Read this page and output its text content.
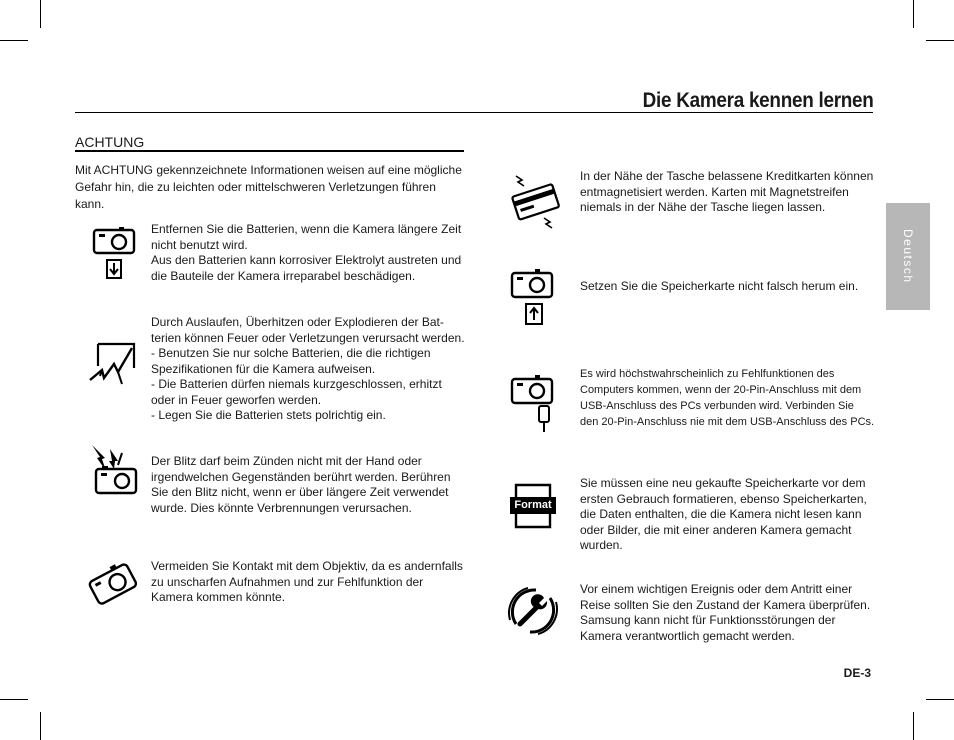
Die Kamera kennen lernen
Deutsch
ACHTUNG

Mit ACHTUNG gekennzeichnete Informationen weisen auf eine mögliche Gefahr hin, die zu leichten oder mittelschweren Verletzungen führen kann.

Entfernen Sie die Batterien, wenn die Kamera längere Zeit nicht benutzt wird.
Aus den Batterien kann korrosiver Elektrolyt austreten und die Bauteile der Kamera irreparabel beschädigen.

Durch Auslaufen, Überhitzen oder Explodieren der Bat-
terien können Feuer oder Verletzungen verursacht werden.
- Benutzen Sie nur solche Batterien, die die richtigen Spezifikationen für die Kamera aufweisen.
- Die Batterien dürfen niemals kurzgeschlossen, erhitzt oder in Feuer geworfen werden.
- Legen Sie die Batterien stets polrichtig ein.

Der Blitz darf beim Zünden nicht mit der Hand oder irgendwelchen Gegenständen berührt werden. Berühren Sie den Blitz nicht, wenn er über längere Zeit verwendet wurde. Dies könnte Verbrennungen verursachen.

Vermeiden Sie Kontakt mit dem Objektiv, da es andernfalls zu unscharfen Aufnahmen und zur Fehlfunktion der Kamera kommen könnte.

In der Nähe der Tasche belassene Kreditkarten können entmagnetisiert werden. Karten mit Magnetstreifen niemals in der Nähe der Tasche liegen lassen.

Setzen Sie die Speicherkarte nicht falsch herum ein.

Es wird höchstwahrscheinlich zu Fehlfunktionen des Computers kommen, wenn der 20-Pin-Anschluss mit dem USB-Anschluss des PCs verbunden wird. Verbinden Sie den 20-Pin-Anschluss nie mit dem USB-Anschluss des PCs.

Format

Sie müssen eine neu gekaufte Speicherkarte vor dem ersten Gebrauch formatieren, ebenso Speicherkarten, die Daten enthalten, die die Kamera nicht lesen kann oder Bilder, die mit einer anderen Kamera gemacht wurden.

Vor einem wichtigen Ereignis oder dem Antritt einer Reise sollten Sie den Zustand der Kamera überprüfen. Samsung kann nicht für Funktionsstörungen der Kamera verantwortlich gemacht werden.

DE-3
